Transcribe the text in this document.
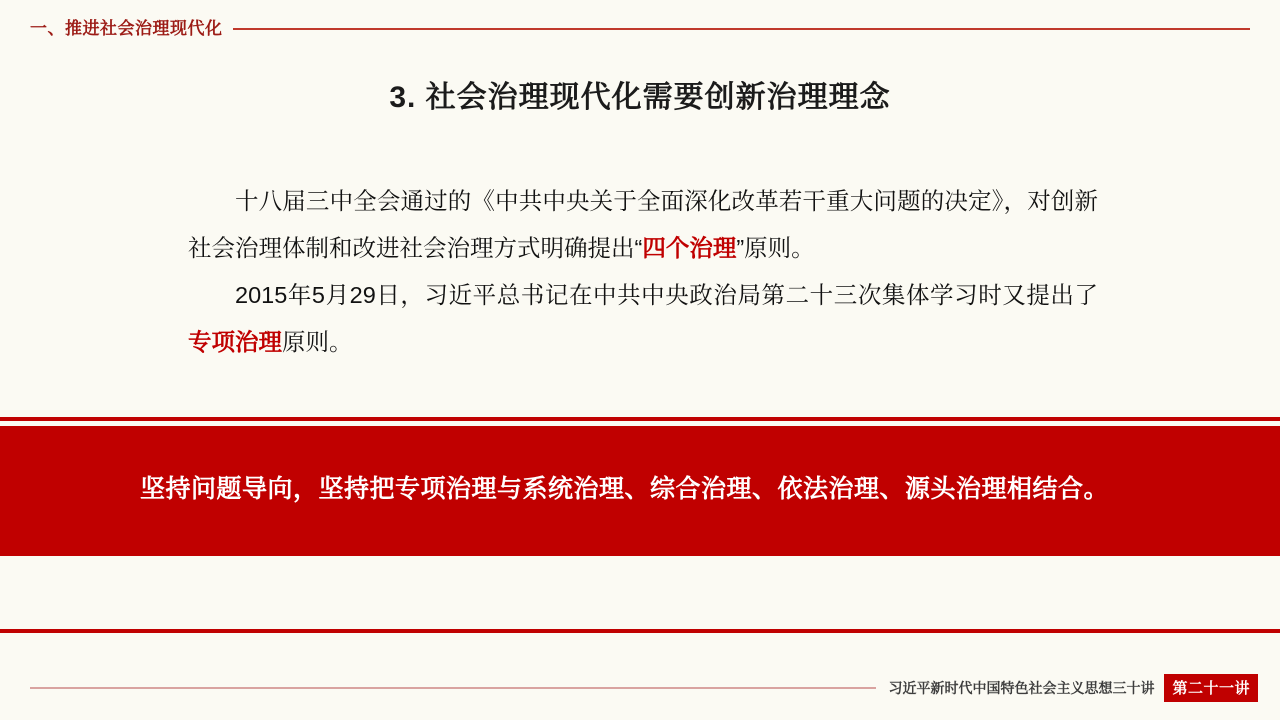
一、推进社会治理现代化
3. 社会治理现代化需要创新治理理念

十八届三中全会通过的《中共中央关于全面深化改革若干重大问题的决定》，对创新社会治理体制和改进社会治理方式明确提出“四个治理”原则。

2015年5月29日，习近平总书记在中共中央政治局第二十三次集体学习时又提出了专项治理原则。

坚持问题导向，坚持把专项治理与系统治理、综合治理、依法治理、源头治理相结合。
习近平新时代中国特色社会主义思想三十讲	第二十一讲
